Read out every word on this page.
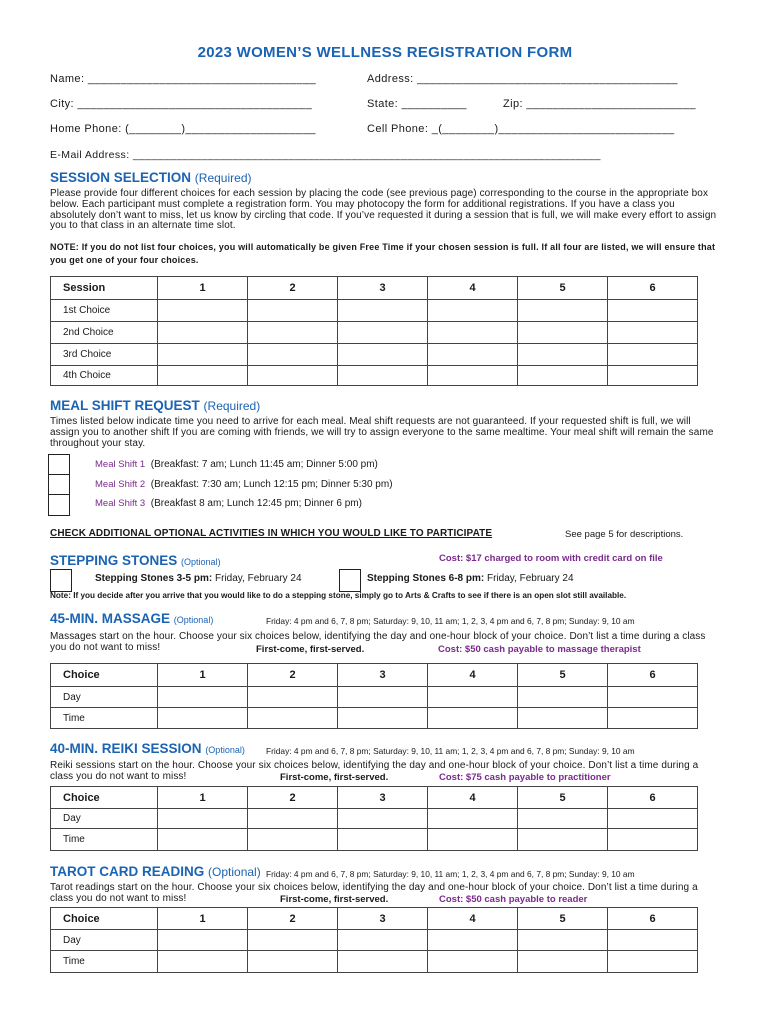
2023 WOMEN’S WELLNESS REGISTRATION FORM
Name: ___________________________________	Address: ________________________________________
City: ____________________________________	State: __________	Zip: __________________________
Home Phone: (________)____________________	Cell Phone: _(________)___________________________
E-Mail Address: ___________________________________________________________________________
SESSION SELECTION (Required)
Please provide four different choices for each session by placing the code (see previous page) corresponding to the course in the appropriate box below. Each participant must complete a registration form. You may photocopy the form for additional registrations. If you have a class you absolutely don’t want to miss, let us know by circling that code. If you’ve requested it during a session that is full, we will make every effort to assign you to that class in an alternate time slot.
NOTE: If you do not list four choices, you will automatically be given Free Time if your chosen session is full. If all four are listed, we will ensure that you get one of your four choices.
Session	1	2	3	4	5	6
1st Choice						
2nd Choice						
3rd Choice						
4th Choice						
MEAL SHIFT REQUEST (Required)
Times listed below indicate time you need to arrive for each meal. Meal shift requests are not guaranteed. If your requested shift is full, we will assign you to another shift If you are coming with friends, we will try to assign everyone to the same mealtime. Your meal shift will remain the same throughout your stay.
Meal Shift 1 (Breakfast: 7 am; Lunch 11:45 am; Dinner 5:00 pm)
Meal Shift 2 (Breakfast: 7:30 am; Lunch 12:15 pm; Dinner 5:30 pm)
Meal Shift 3 (Breakfast 8 am; Lunch 12:45 pm; Dinner 6 pm)
CHECK ADDITIONAL OPTIONAL ACTIVITIES IN WHICH YOU WOULD LIKE TO PARTICIPATE	See page 5 for descriptions.
STEPPING STONES (Optional)	Cost: $17 charged to room with credit card on file
Stepping Stones 3-5 pm: Friday, February 24	Stepping Stones 6-8 pm: Friday, February 24
Note: If you decide after you arrive that you would like to do a stepping stone, simply go to Arts & Crafts to see if there is an open slot still available.
45-MIN. MASSAGE (Optional)	Friday: 4 pm and 6, 7, 8 pm; Saturday: 9, 10, 11 am; 1, 2, 3, 4 pm and 6, 7, 8 pm; Sunday: 9, 10 am
Massages start on the hour. Choose your six choices below, identifying the day and one-hour block of your choice. Don’t list a time during a class you do not want to miss!	First-come, first-served.	Cost: $50 cash payable to massage therapist
Choice	1	2	3	4	5	6
Day						
Time						
40-MIN. REIKI SESSION (Optional)	Friday: 4 pm and 6, 7, 8 pm; Saturday: 9, 10, 11 am; 1, 2, 3, 4 pm and 6, 7, 8 pm; Sunday: 9, 10 am
Reiki sessions start on the hour. Choose your six choices below, identifying the day and one-hour block of your choice. Don’t list a time during a class you do not want to miss!	First-come, first-served.	Cost: $75 cash payable to practitioner
Choice	1	2	3	4	5	6
Day						
Time						
TAROT CARD READING (Optional) Friday: 4 pm and 6, 7, 8 pm; Saturday: 9, 10, 11 am; 1, 2, 3, 4 pm and 6, 7, 8 pm; Sunday: 9, 10 am
Tarot readings start on the hour. Choose your six choices below, identifying the day and one-hour block of your choice. Don’t list a time during a class you do not want to miss!	First-come, first-served.	Cost: $50 cash payable to reader
Choice	1	2	3	4	5	6
Day						
Time						
